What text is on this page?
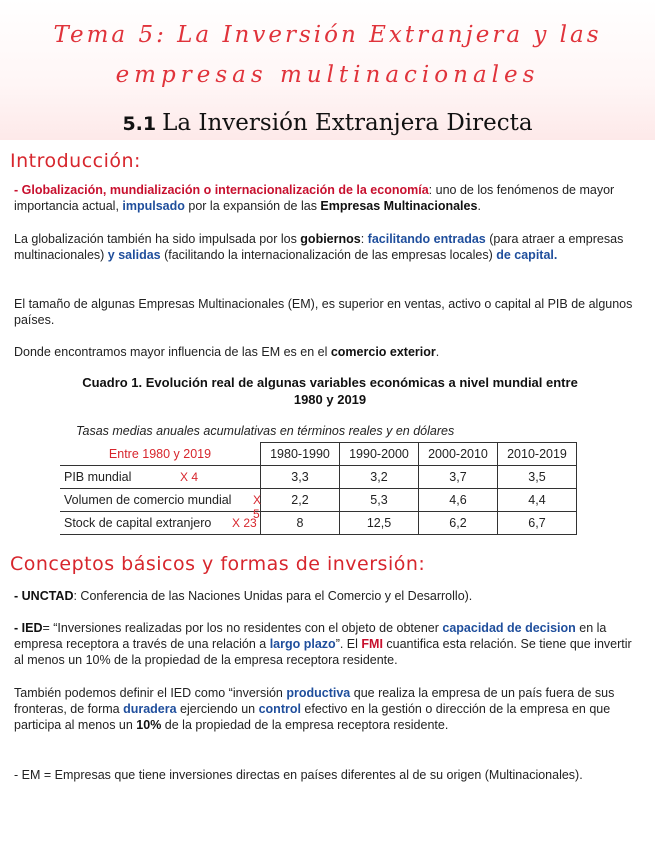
Tema 5: La Inversión Extranjera y las
empresas multinacionales
5.1 La Inversión Extranjera Directa
Introducción:

- Globalización, mundialización o internacionalización de la economía: uno de los fenómenos de mayor importancia actual, impulsado por la expansión de las Empresas Multinacionales.

La globalización también ha sido impulsada por los gobiernos: facilitando entradas (para atraer a empresas multinacionales) y salidas (facilitando la internacionalización de las empresas locales) de capital.

El tamaño de algunas Empresas Multinacionales (EM), es superior en ventas, activo o capital al PIB de algunos países.

Donde encontramos mayor influencia de las EM es en el comercio exterior.

Cuadro 1. Evolución real de algunas variables económicas a nivel mundial entre
1980 y 2019

Tasas medias anuales acumulativas en términos reales y en dólares

Entre 1980 y 2019	1980-1990	1990-2000	2000-2010	2010-2019
PIB mundial X 4	3,3	3,2	3,7	3,5
Volumen de comercio mundial X 5	2,2	5,3	4,6	4,4
Stock de capital extranjero X 23	8	12,5	6,2	6,7
Conceptos básicos y formas de inversión:

- UNCTAD: Conferencia de las Naciones Unidas para el Comercio y el Desarrollo).

- IED= “Inversiones realizadas por los no residentes con el objeto de obtener capacidad de decision en la empresa receptora a través de una relación a largo plazo”. El FMI cuantifica esta relación. Se tiene que invertir al menos un 10% de la propiedad de la empresa receptora residente.

También podemos definir el IED como “inversión productiva que realiza la empresa de un país fuera de sus fronteras, de forma duradera ejerciendo un control efectivo en la gestión o dirección de la empresa en que participa al menos un 10% de la propiedad de la empresa receptora residente.

- EM = Empresas que tiene inversiones directas en países diferentes al de su origen (Multinacionales).
